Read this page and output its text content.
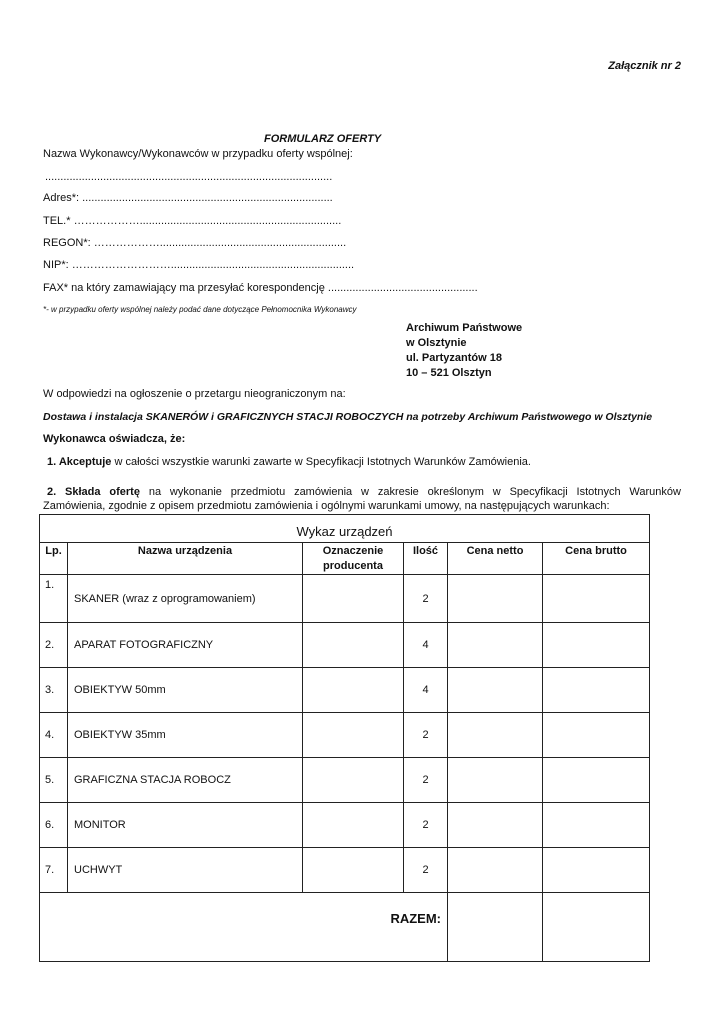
Załącznik nr 2
FORMULARZ OFERTY
Nazwa Wykonawcy/Wykonawców w przypadku oferty wspólnej:
..............................................................................................
Adres*: ..................................................................................
TEL.* ………………..................................................................
REGON*: ……………….............................................................
NIP*: ………………………............................................................
FAX* na który zamawiający ma przesyłać korespondencję .................................................
*- w przypadku oferty wspólnej należy podać dane dotyczące Pełnomocnika Wykonawcy
Archiwum Państwowe
w Olsztynie
ul. Partyzantów 18
10 – 521 Olsztyn
W odpowiedzi na ogłoszenie o przetargu nieograniczonym na:
Dostawa i instalacja SKANERÓW i GRAFICZNYCH STACJI ROBOCZYCH na potrzeby Archiwum Państwowego w Olsztynie
Wykonawca oświadcza, że:
1. Akceptuje w całości wszystkie warunki zawarte w Specyfikacji Istotnych Warunków Zamówienia.
2. Składa ofertę na wykonanie przedmiotu zamówienia w zakresie określonym w Specyfikacji Istotnych Warunków
Zamówienia, zgodnie z opisem przedmiotu zamówienia i ogólnymi warunkami umowy, na następujących warunkach:
Wykaz urządzeń					

Lp.	Nazwa urządzenia	Oznaczenie producenta	Ilość	Cena netto	Cena brutto
1.	SKANER (wraz z oprogramowaniem)		2		
2.	APARAT FOTOGRAFICZNY		4		
3.	OBIEKTYW 50mm		4		
4.	OBIEKTYW 35mm		2		
5.	GRAFICZNA STACJA ROBOCZ		2		
6.	MONITOR		2		
7.	UCHWYT		2		
RAZEM:					
